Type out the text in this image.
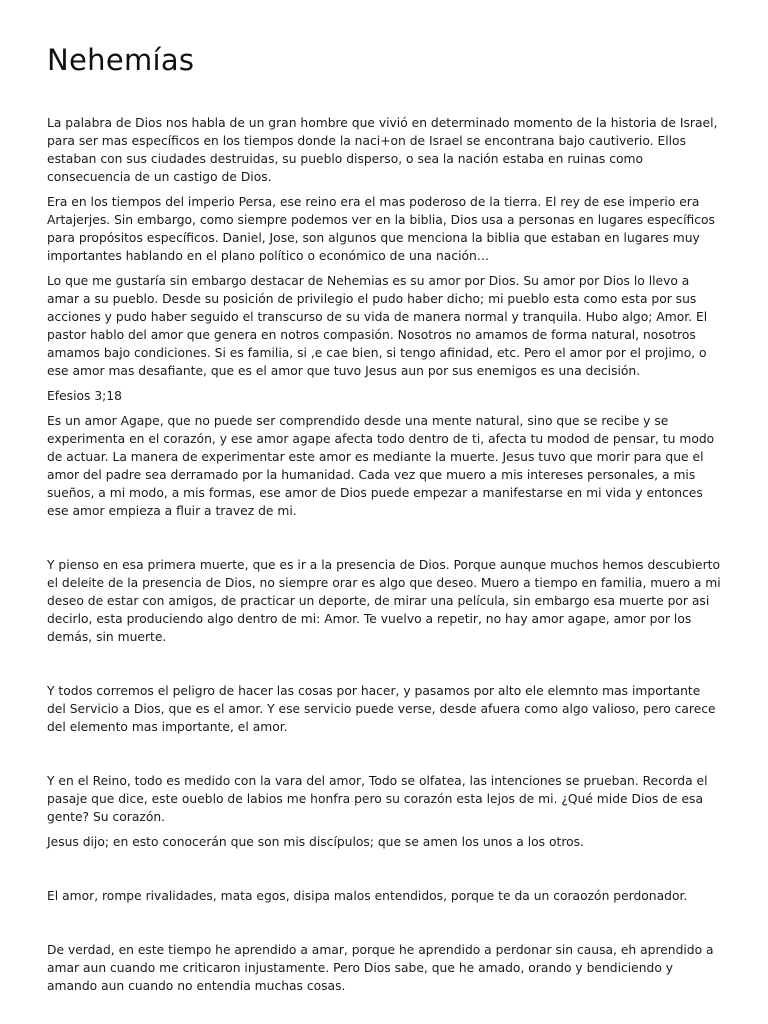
Nehemías

La palabra de Dios nos habla de un gran hombre que vivió en determinado momento de la historia de Israel, para ser mas específicos en los tiempos donde la naci+on de Israel se encontrana bajo cautiverio. Ellos estaban con sus ciudades destruidas, su pueblo disperso, o sea la nación estaba en ruinas como consecuencia de un castigo de Dios.

Era en los tiempos del imperio Persa, ese reino era el mas poderoso de la tierra. El rey de ese imperio era Artajerjes. Sin embargo, como siempre podemos ver en la biblia, Dios usa a personas en lugares específicos para propósitos específicos. Daniel, Jose, son algunos que menciona la biblia que estaban en lugares muy importantes hablando en el plano político o económico de una nación…

Lo que me gustaría sin embargo destacar de Nehemias es su amor por Dios. Su amor por Dios lo llevo a amar a su pueblo. Desde su posición de privilegio el pudo haber dicho; mi pueblo esta como esta por sus acciones y pudo haber seguido el transcurso de su vida de manera normal y tranquila. Hubo algo; Amor. El pastor hablo del amor que genera en notros compasión. Nosotros no amamos de forma natural, nosotros amamos bajo condiciones. Si es familia, si ,e cae bien, si tengo afinidad, etc. Pero el amor por el projimo, o ese amor mas desafiante, que es el amor que tuvo Jesus aun por sus enemigos es una decisión.

Efesios 3;18

Es un amor Agape, que no puede ser comprendido desde una mente natural, sino que se recibe y se experimenta en el corazón, y ese amor agape afecta todo dentro de ti, afecta tu modod de pensar, tu modo de actuar. La manera de experimentar este amor es mediante la muerte. Jesus tuvo que morir para que el amor del padre sea derramado por la humanidad. Cada vez que muero a mis intereses personales, a mis sueños, a mi modo, a mis formas, ese amor de Dios puede empezar a manifestarse en mi vida y entonces ese amor empieza a fluir a travez de mi.

Y pienso en esa primera muerte, que es ir a la presencia de Dios. Porque aunque muchos hemos descubierto el deleite de la presencia de Dios, no siempre orar es algo que deseo. Muero a tiempo en familia, muero a mi deseo de estar con amigos, de practicar un deporte, de mirar una película, sin embargo esa muerte por asi decirlo, esta produciendo algo dentro de mi: Amor. Te vuelvo a repetir, no hay amor agape, amor por los demás, sin muerte.

Y todos corremos el peligro de hacer las cosas por hacer, y pasamos por alto ele elemnto mas importante del Servicio a Dios, que es el amor. Y ese servicio puede verse, desde afuera como algo valioso, pero carece del elemento mas importante, el amor.

Y en el Reino, todo es medido con la vara del amor, Todo se olfatea, las intenciones se prueban. Recorda el pasaje que dice, este oueblo de labios me honfra pero su corazón esta lejos de mi. ¿Qué mide Dios de esa gente? Su corazón.

Jesus dijo; en esto conocerán que son mis discípulos; que se amen los unos a los otros.

El amor, rompe rivalidades, mata egos, disipa malos entendidos, porque te da un coraozón perdonador.

De verdad, en este tiempo he aprendido a amar, porque he aprendido a perdonar sin causa, eh aprendido a amar aun cuando me criticaron injustamente. Pero Dios sabe, que he amado, orando y bendiciendo y amando aun cuando no entendia muchas cosas.
